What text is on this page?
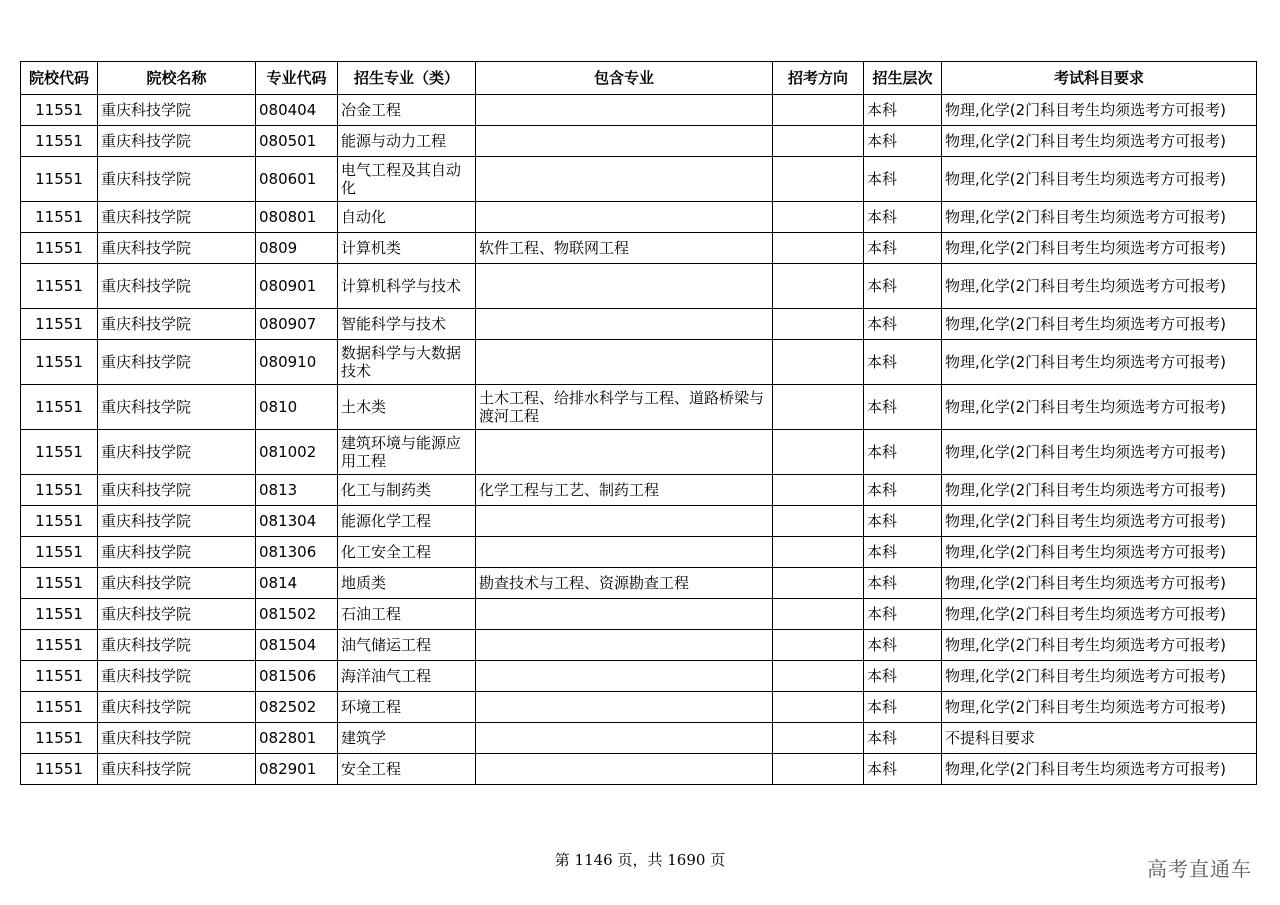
院校代码	院校名称	专业代码	招生专业（类）	包含专业	招考方向	招生层次	考试科目要求
11551	重庆科技学院	080404	冶金工程			本科	物理,化学(2门科目考生均须选考方可报考)
11551	重庆科技学院	080501	能源与动力工程			本科	物理,化学(2门科目考生均须选考方可报考)
11551	重庆科技学院	080601	电气工程及其自动化			本科	物理,化学(2门科目考生均须选考方可报考)
11551	重庆科技学院	080801	自动化			本科	物理,化学(2门科目考生均须选考方可报考)
11551	重庆科技学院	0809	计算机类	软件工程、物联网工程		本科	物理,化学(2门科目考生均须选考方可报考)
11551	重庆科技学院	080901	计算机科学与技术			本科	物理,化学(2门科目考生均须选考方可报考)
11551	重庆科技学院	080907	智能科学与技术			本科	物理,化学(2门科目考生均须选考方可报考)
11551	重庆科技学院	080910	数据科学与大数据技术			本科	物理,化学(2门科目考生均须选考方可报考)
11551	重庆科技学院	0810	土木类	土木工程、给排水科学与工程、道路桥梁与渡河工程		本科	物理,化学(2门科目考生均须选考方可报考)
11551	重庆科技学院	081002	建筑环境与能源应用工程			本科	物理,化学(2门科目考生均须选考方可报考)
11551	重庆科技学院	0813	化工与制药类	化学工程与工艺、制药工程		本科	物理,化学(2门科目考生均须选考方可报考)
11551	重庆科技学院	081304	能源化学工程			本科	物理,化学(2门科目考生均须选考方可报考)
11551	重庆科技学院	081306	化工安全工程			本科	物理,化学(2门科目考生均须选考方可报考)
11551	重庆科技学院	0814	地质类	勘查技术与工程、资源勘查工程		本科	物理,化学(2门科目考生均须选考方可报考)
11551	重庆科技学院	081502	石油工程			本科	物理,化学(2门科目考生均须选考方可报考)
11551	重庆科技学院	081504	油气储运工程			本科	物理,化学(2门科目考生均须选考方可报考)
11551	重庆科技学院	081506	海洋油气工程			本科	物理,化学(2门科目考生均须选考方可报考)
11551	重庆科技学院	082502	环境工程			本科	物理,化学(2门科目考生均须选考方可报考)
11551	重庆科技学院	082801	建筑学			本科	不提科目要求
11551	重庆科技学院	082901	安全工程			本科	物理,化学(2门科目考生均须选考方可报考)
第 1146 页，共 1690 页	高考直通车
